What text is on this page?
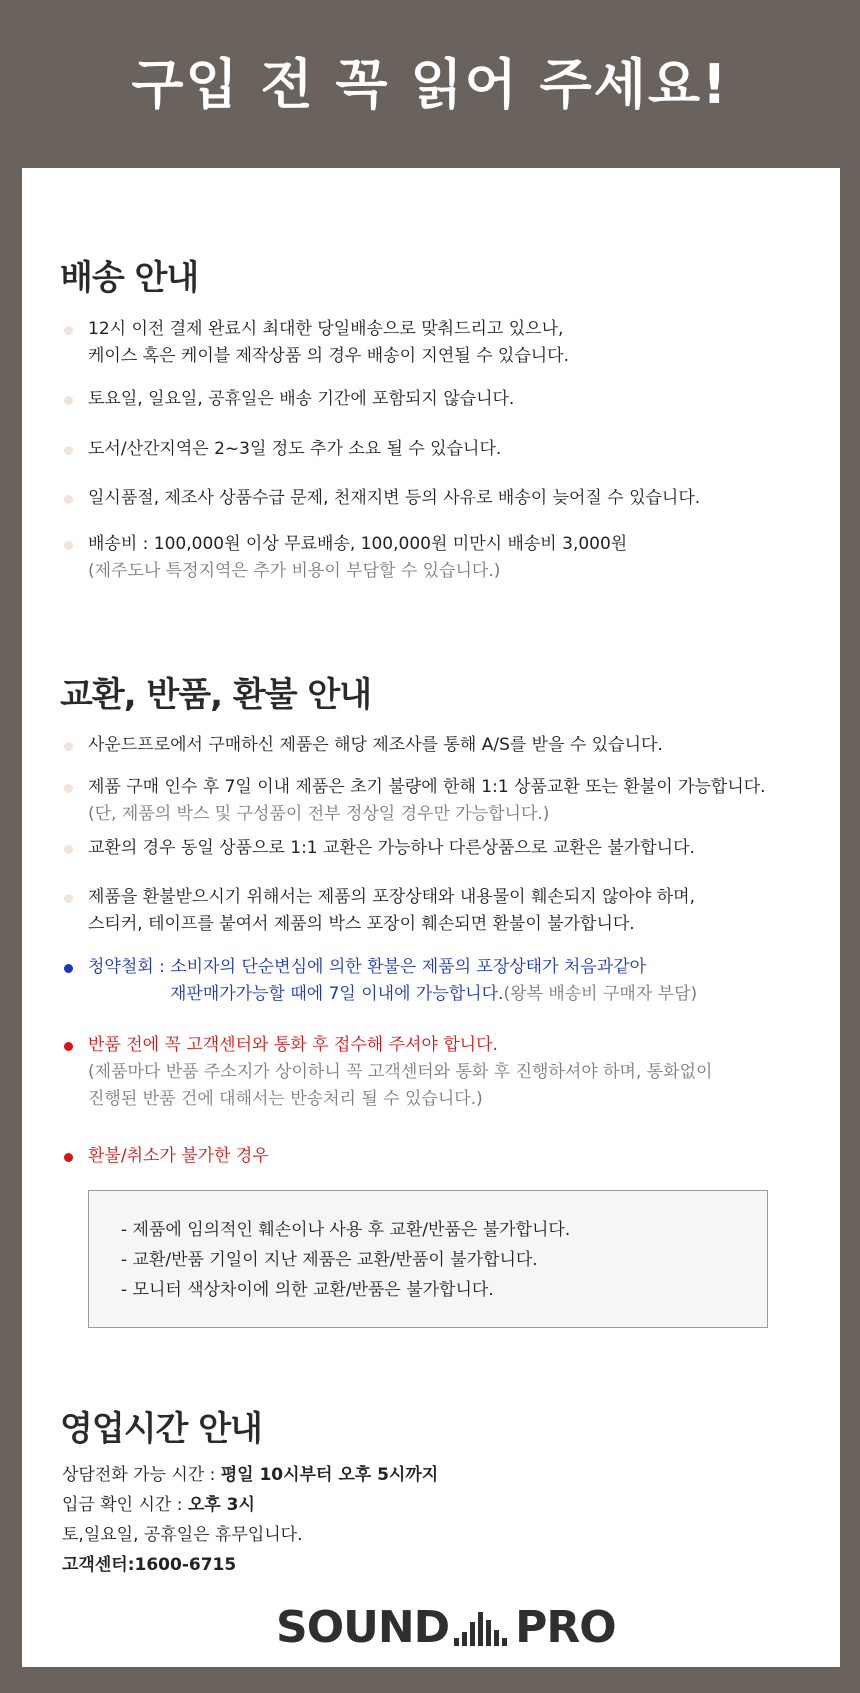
구입 전 꼭 읽어 주세요!
배송 안내
12시 이전 결제 완료시 최대한 당일배송으로 맞춰드리고 있으나,
케이스 혹은 케이블 제작상품 의 경우 배송이 지연될 수 있습니다.
토요일, 일요일, 공휴일은 배송 기간에 포함되지 않습니다.
도서/산간지역은 2~3일 정도 추가 소요 될 수 있습니다.
일시품절, 제조사 상품수급 문제, 천재지변 등의 사유로 배송이 늦어질 수 있습니다.
배송비 : 100,000원 이상 무료배송, 100,000원 미만시 배송비 3,000원
(제주도나 특정지역은 추가 비용이 부담할 수 있습니다.)
교환, 반품, 환불 안내
사운드프로에서 구매하신 제품은 해당 제조사를 통해 A/S를 받을 수 있습니다.
제품 구매 인수 후 7일 이내 제품은 초기 불량에 한해 1:1 상품교환 또는 환불이 가능합니다.
(단, 제품의 박스 및 구성품이 전부 정상일 경우만 가능합니다.)
교환의 경우 동일 상품으로 1:1 교환은 가능하나 다른상품으로 교환은 불가합니다.
제품을 환불받으시기 위해서는 제품의 포장상태와 내용물이 훼손되지 않아야 하며,
스티커, 테이프를 붙여서 제품의 박스 포장이 훼손되면 환불이 불가합니다.
청약철회 : 소비자의 단순변심에 의한 환불은 제품의 포장상태가 처음과같아
재판매가가능할 때에 7일 이내에 가능합니다.(왕복 배송비 구매자 부담)
반품 전에 꼭 고객센터와 통화 후 접수해 주셔야 합니다.
(제품마다 반품 주소지가 상이하니 꼭 고객센터와 통화 후 진행하셔야 하며, 통화없이
진행된 반품 건에 대해서는 반송처리 될 수 있습니다.)
환불/취소가 불가한 경우
- 제품에 임의적인 훼손이나 사용 후 교환/반품은 불가합니다.
- 교환/반품 기일이 지난 제품은 교환/반품이 불가합니다.
- 모니터 색상차이에 의한 교환/반품은 불가합니다.
영업시간 안내
상담전화 가능 시간 : 평일 10시부터 오후 5시까지
입금 확인 시간 : 오후 3시
토,일요일, 공휴일은 휴무입니다.
고객센터:1600-6715
SOUND PRO
